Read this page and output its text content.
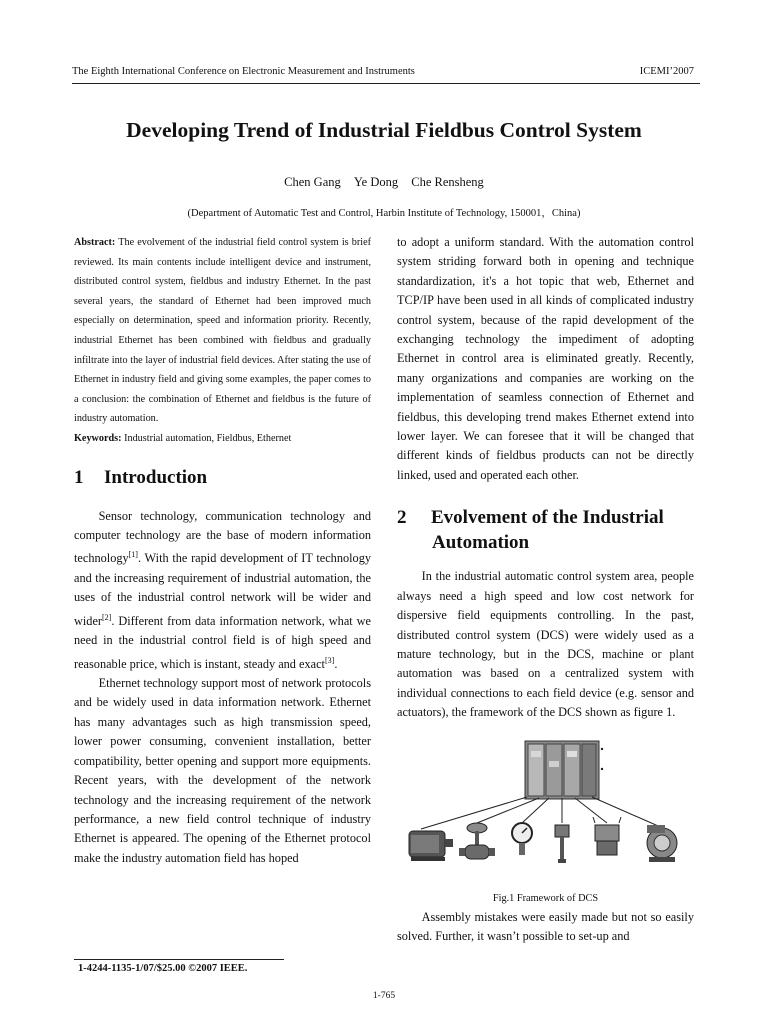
The Eighth International Conference on Electronic Measurement and Instruments	ICEMI’2007
Developing Trend of Industrial Fieldbus Control System
Chen Gang Ye Dong Che Rensheng
(Department of Automatic Test and Control, Harbin Institute of Technology, 150001，China)

Abstract: The evolvement of the industrial field control system is brief reviewed. Its main contents include intelligent device and instrument, distributed control system, fieldbus and industry Ethernet. In the past several years, the standard of Ethernet had been improved much especially on determination, speed and information priority. Recently, industrial Ethernet has been combined with fieldbus and gradually infiltrate into the layer of industrial field devices. After stating the use of Ethernet in industry field and giving some examples, the paper comes to a conclusion: the combination of Ethernet and fieldbus is the future of industry automation.

Keywords: Industrial automation, Fieldbus, Ethernet

1 Introduction

Sensor technology, communication technology and computer technology are the base of modern information technology[1]. With the rapid development of IT technology and the increasing requirement of industrial automation, the uses of the industrial control network will be wider and wider[2]. Different from data information network, what we need in the industrial control field is of high speed and reasonable price, which is instant, steady and exact[3].

Ethernet technology support most of network protocols and be widely used in data information network. Ethernet has many advantages such as high transmission speed, lower power consuming, convenient installation, better compatibility, better opening and support more equipments. Recent years, with the development of the network technology and the increasing requirement of the network performance, a new field control technique of industry Ethernet is appeared. The opening of the Ethernet protocol make the industry automation field has hoped

to adopt a uniform standard. With the automation control system striding forward both in opening and technique standardization, it's a hot topic that web, Ethernet and TCP/IP have been used in all kinds of complicated industry control system, because of the rapid development of the exchanging technology the impediment of adopting Ethernet in control area is eliminated greatly. Recently, many organizations and companies are working on the implementation of seamless connection of Ethernet and fieldbus, this developing trend makes Ethernet extend into lower layer. We can foresee that it will be changed that different kinds of fieldbus products can not be directly linked, used and operated each other.

2 Evolvement of the Industrial
Automation

In the industrial automatic control system area, people always need a high speed and low cost network for dispersive field equipments controlling. In the past, distributed control system (DCS) were widely used as a mature technology, but in the DCS, machine or plant automation was based on a centralized system with individual connections to each field device (e.g. sensor and actuators), the framework of the DCS shown as figure 1.

Fig.1 Framework of DCS

Assembly mistakes were easily made but not so easily solved. Further, it wasn’t possible to set-up and

1-4244-1135-1/07/$25.00 ©2007 IEEE.
1-765
